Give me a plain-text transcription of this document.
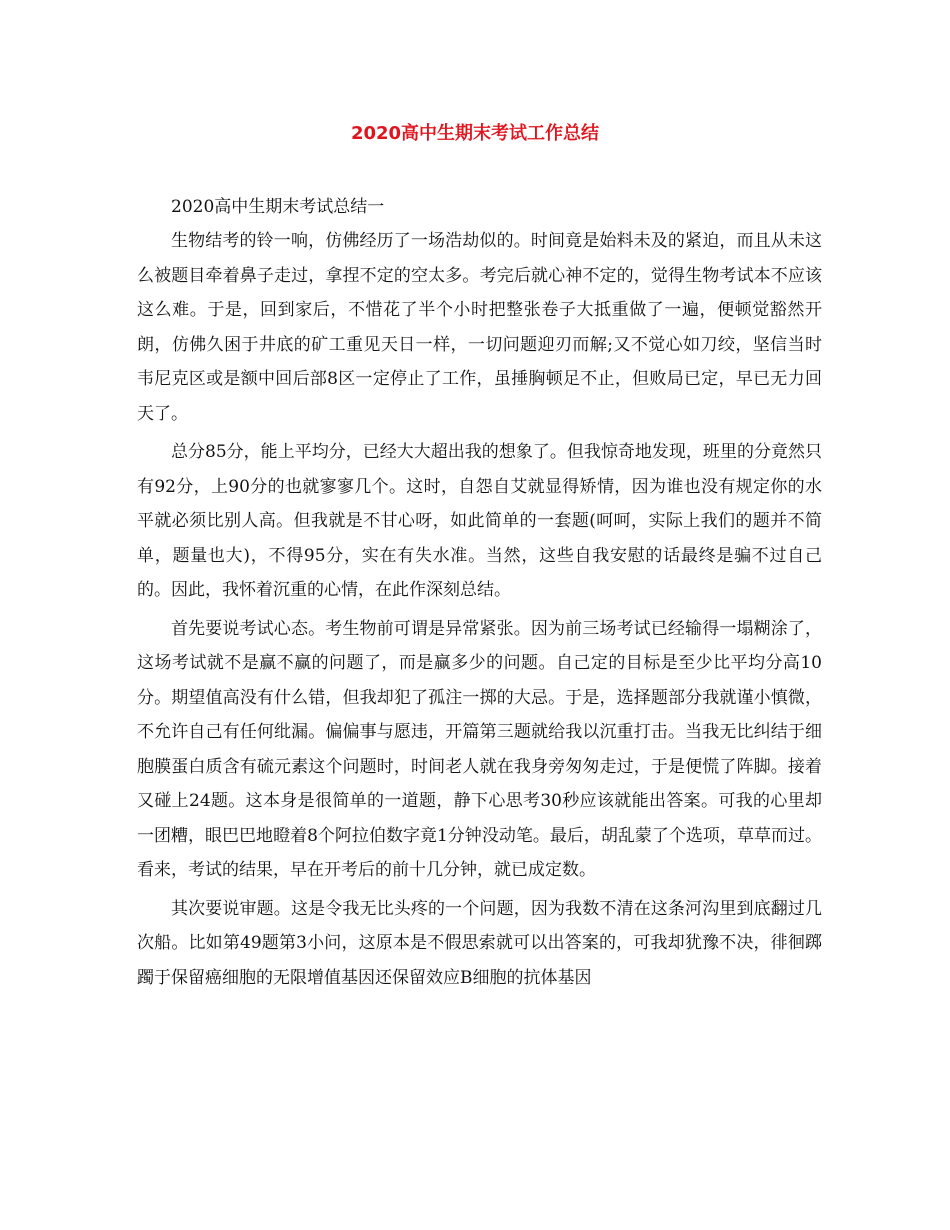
2020高中生期末考试工作总结

2020高中生期末考试总结一

生物结考的铃一响，仿佛经历了一场浩劫似的。时间竟是始料未及的紧迫，而且从未这么被题目牵着鼻子走过，拿捏不定的空太多。考完后就心神不定的，觉得生物考试本不应该这么难。于是，回到家后，不惜花了半个小时把整张卷子大抵重做了一遍，便顿觉豁然开朗，仿佛久困于井底的矿工重见天日一样，一切问题迎刃而解;又不觉心如刀绞，坚信当时韦尼克区或是额中回后部8区一定停止了工作，虽捶胸顿足不止，但败局已定，早已无力回天了。

总分85分，能上平均分，已经大大超出我的想象了。但我惊奇地发现，班里的分竟然只有92分，上90分的也就寥寥几个。这时，自怨自艾就显得矫情，因为谁也没有规定你的水平就必须比别人高。但我就是不甘心呀，如此简单的一套题(呵呵，实际上我们的题并不简单，题量也大)，不得95分，实在有失水准。当然，这些自我安慰的话最终是骗不过自己的。因此，我怀着沉重的心情，在此作深刻总结。

首先要说考试心态。考生物前可谓是异常紧张。因为前三场考试已经输得一塌糊涂了，这场考试就不是赢不赢的问题了，而是赢多少的问题。自己定的目标是至少比平均分高10分。期望值高没有什么错，但我却犯了孤注一掷的大忌。于是，选择题部分我就谨小慎微，不允许自己有任何纰漏。偏偏事与愿违，开篇第三题就给我以沉重打击。当我无比纠结于细胞膜蛋白质含有硫元素这个问题时，时间老人就在我身旁匆匆走过，于是便慌了阵脚。接着又碰上24题。这本身是很简单的一道题，静下心思考30秒应该就能出答案。可我的心里却一团糟，眼巴巴地瞪着8个阿拉伯数字竟1分钟没动笔。最后，胡乱蒙了个选项，草草而过。看来，考试的结果，早在开考后的前十几分钟，就已成定数。

其次要说审题。这是令我无比头疼的一个问题，因为我数不清在这条河沟里到底翻过几次船。比如第49题第3小问，这原本是不假思索就可以出答案的，可我却犹豫不决，徘徊踯躅于保留癌细胞的无限增值基因还保留效应B细胞的抗体基因
